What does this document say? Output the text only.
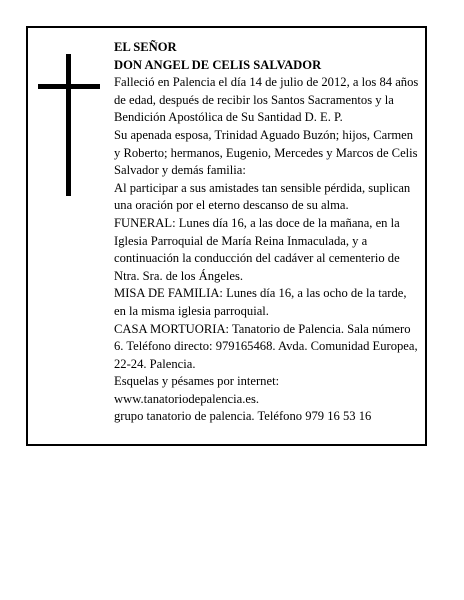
EL SEÑOR

DON ANGEL DE CELIS SALVADOR

Falleció en Palencia el día 14 de julio de 2012, a los 84 años de edad, después de recibir los Santos Sacramentos y la Bendición Apostólica de Su Santidad D. E. P.

Su apenada esposa, Trinidad Aguado Buzón; hijos, Carmen y Roberto; hermanos, Eugenio, Mercedes y Marcos de Celis Salvador y demás familia:

Al participar a sus amistades tan sensible pérdida, suplican una oración por el eterno descanso de su alma.

FUNERAL: Lunes día 16, a las doce de la mañana, en la Iglesia Parroquial de María Reina Inmaculada, y a continuación la conducción del cadáver al cementerio de Ntra. Sra. de los Ángeles.

MISA DE FAMILIA: Lunes día 16, a las ocho de la tarde, en la misma iglesia parroquial.

CASA MORTUORIA: Tanatorio de Palencia. Sala número 6. Teléfono directo: 979165468. Avda. Comunidad Europea, 22-24. Palencia.

Esquelas y pésames por internet: www.tanatoriodepalencia.es.

grupo tanatorio de palencia. Teléfono 979 16 53 16
